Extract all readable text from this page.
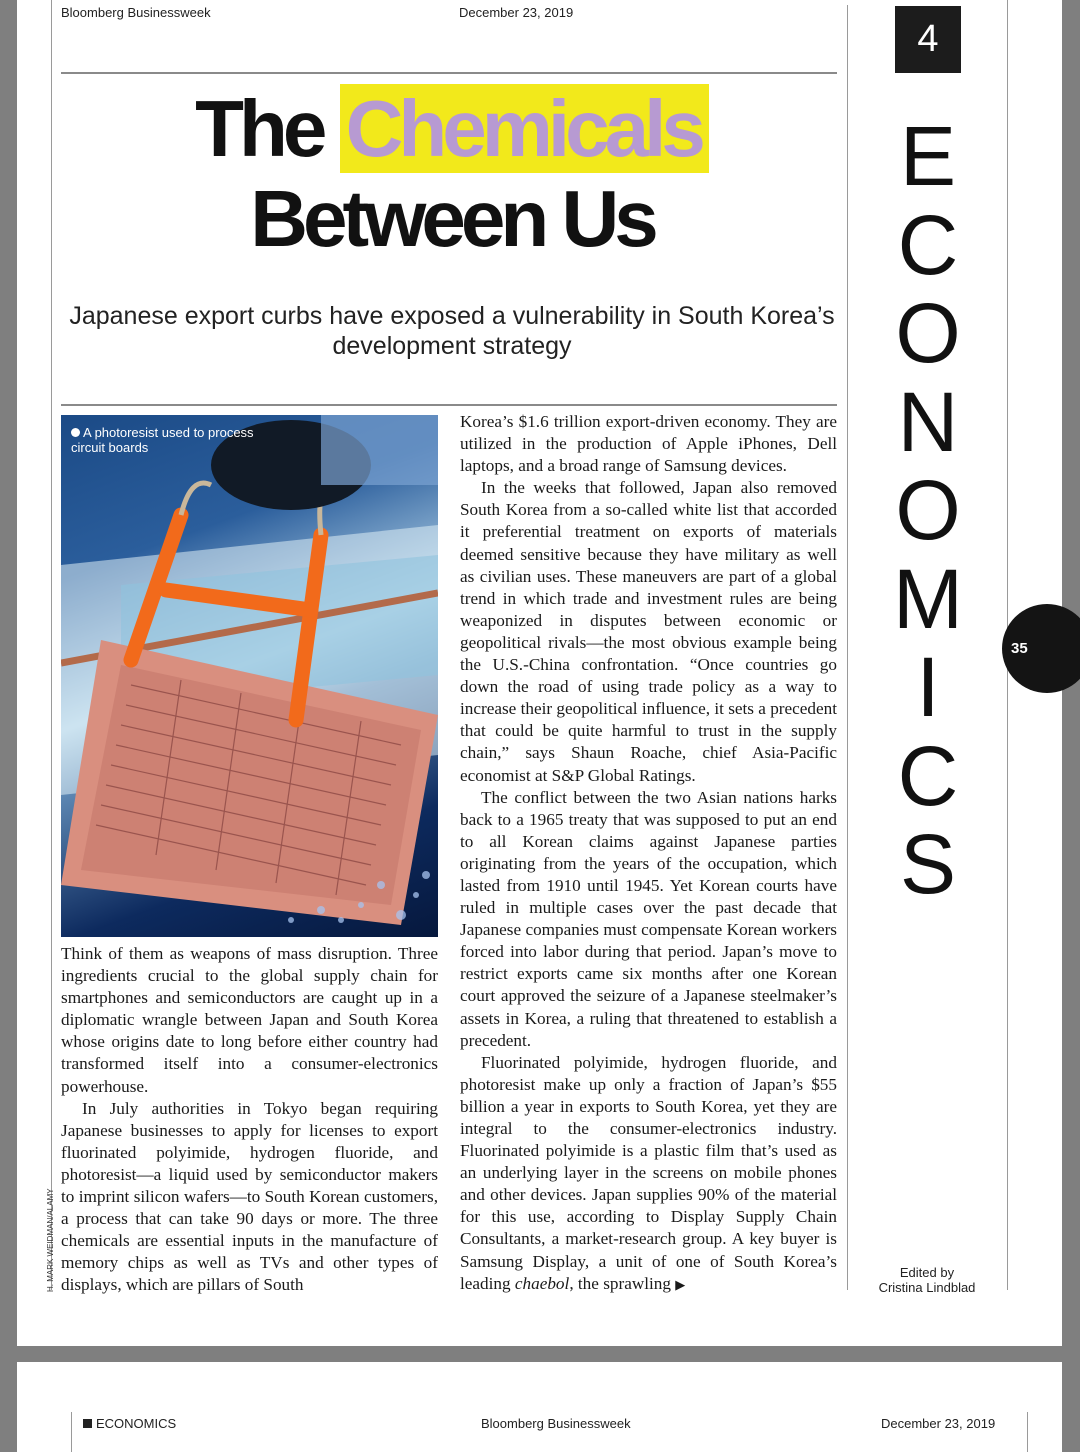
Bloomberg Businessweek	December 23, 2019
The Chemicals
Between Us
Japanese export curbs have exposed a vulnerability in South Korea’s development strategy
A photoresist used to process circuit boards
H. MARK WEIDMAN/ALAMY

Think of them as weapons of mass disruption. Three ingredients crucial to the global supply chain for smartphones and semiconductors are caught up in a diplomatic wrangle between Japan and South Korea whose origins date to long before either country had transformed itself into a consumer-electronics powerhouse.

In July authorities in Tokyo began requiring Japanese businesses to apply for licenses to export fluorinated polyimide, hydrogen fluoride, and photoresist—a liquid used by semiconductor makers to imprint silicon wafers—to South Korean customers, a process that can take 90 days or more. The three chemicals are essential inputs in the manufacture of memory chips as well as TVs and other types of displays, which are pillars of South

Korea’s $1.6 trillion export-driven economy. They are utilized in the production of Apple iPhones, Dell laptops, and a broad range of Samsung devices.

In the weeks that followed, Japan also removed South Korea from a so-called white list that accorded it preferential treatment on exports of materials deemed sensitive because they have military as well as civilian uses. These maneuvers are part of a global trend in which trade and investment rules are being weaponized in disputes between economic or geopolitical rivals—the most obvious example being the U.S.-China confrontation. “Once countries go down the road of using trade policy as a way to increase their geopolitical influence, it sets a precedent that could be quite harmful to trust in the supply chain,” says Shaun Roache, chief Asia-Pacific economist at S&P Global Ratings.

The conflict between the two Asian nations harks back to a 1965 treaty that was supposed to put an end to all Korean claims against Japanese parties originating from the years of the occupation, which lasted from 1910 until 1945. Yet Korean courts have ruled in multiple cases over the past decade that Japanese companies must compensate Korean workers forced into labor during that period. Japan’s move to restrict exports came six months after one Korean court approved the seizure of a Japanese steelmaker’s assets in Korea, a ruling that threatened to establish a precedent.

Fluorinated polyimide, hydrogen fluoride, and photoresist make up only a fraction of Japan’s $55 billion a year in exports to South Korea, yet they are integral to the consumer-electronics industry. Fluorinated polyimide is a plastic film that’s used as an underlying layer in the screens on mobile phones and other devices. Japan supplies 90% of the material for this use, according to Display Supply Chain Consultants, a market-research group. A key buyer is Samsung Display, a unit of one of South Korea’s leading chaebol, the sprawling ▶

4
E
C
O
N
O
M
I
C
S
Edited by
Cristina Lindblad
35
ECONOMICS	Bloomberg Businessweek	December 23, 2019
